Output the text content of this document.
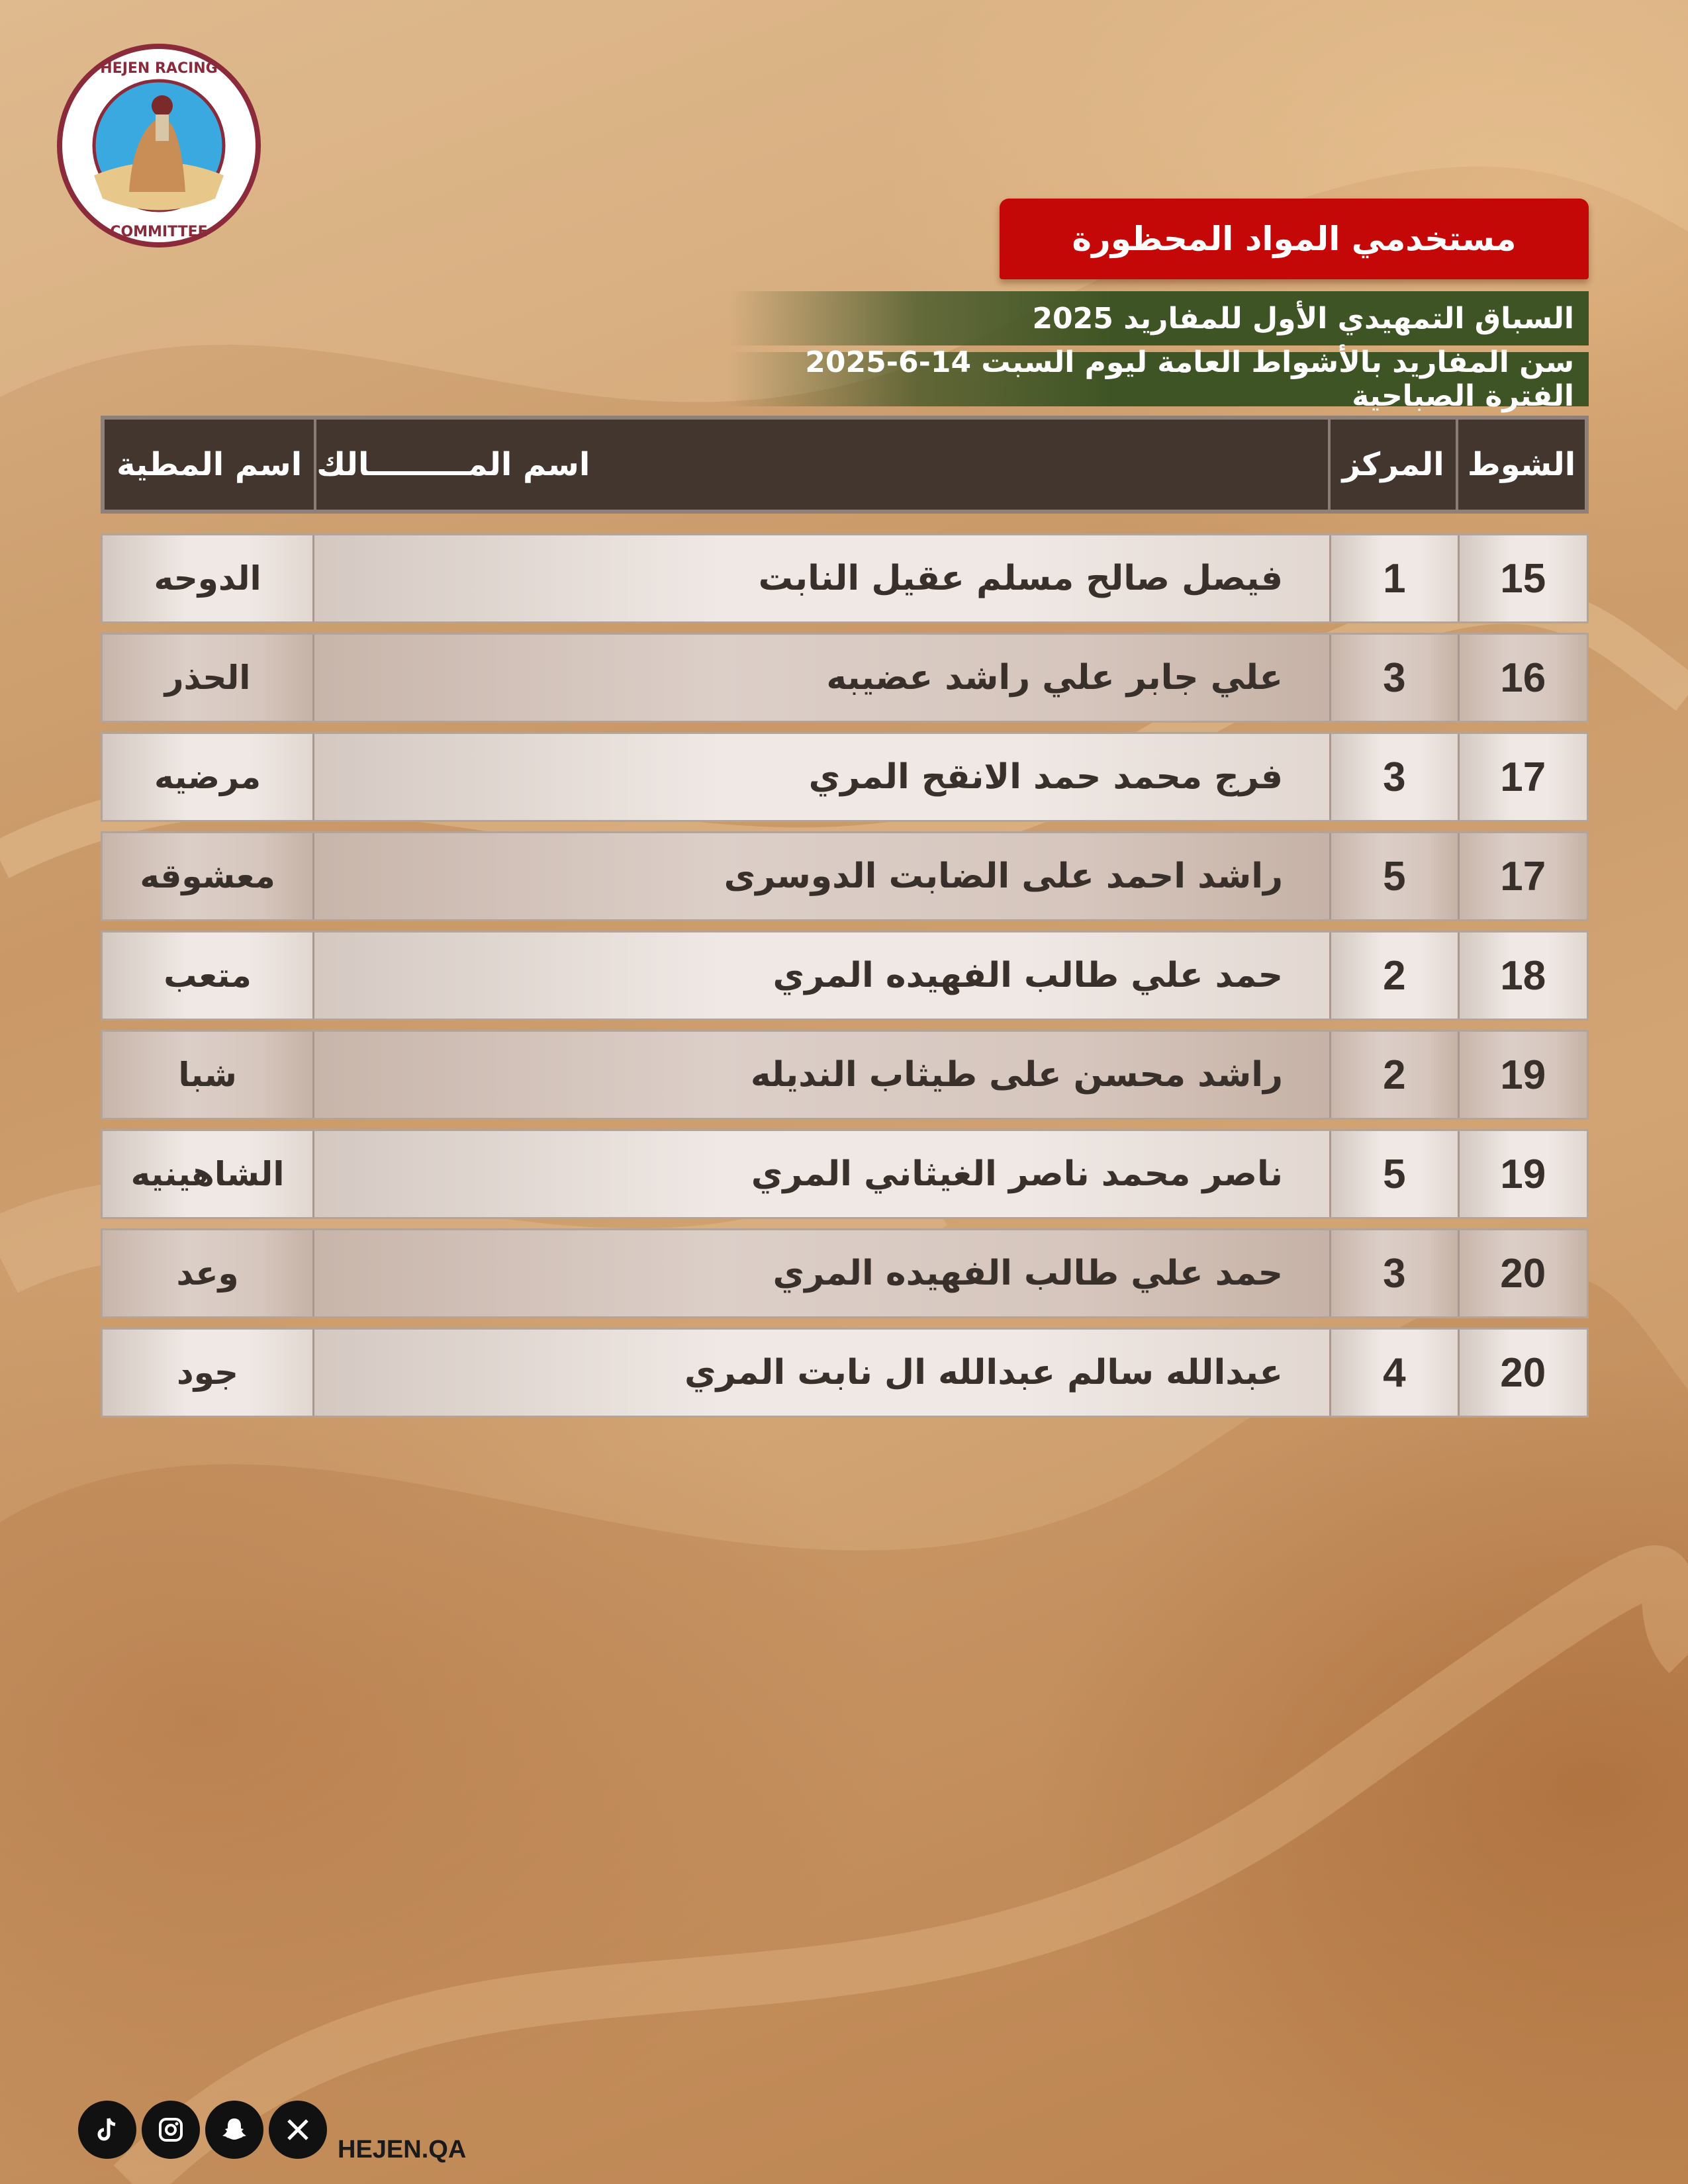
HEJEN RACING
COMMITTEE	مستخدمي المواد المحظورة
السباق التمهيدي الأول للمفاريد 2025
سن المفاريد بالأشواط العامة ليوم السبت 14-6-2025 الفترة الصباحية
الشوط
المركز
اسم المـــــــــالك
اسم المطية
15
1
فيصل صالح مسلم عقيل النابت
الدوحه
16
3
علي جابر علي راشد عضيبه
الحذر
17
3
فرج محمد حمد الانقح المري
مرضيه
17
5
راشد احمد على الضابت الدوسرى
معشوقه
18
2
حمد علي طالب الفهيده المري
متعب
19
2
راشد محسن على طيثاب النديله
شبا
19
5
ناصر محمد ناصر الغيثاني المري
الشاهينيه
20
3
حمد علي طالب الفهيده المري
وعد
20
4
عبدالله سالم عبدالله ال نابت المري
جود
HEJEN.QA
